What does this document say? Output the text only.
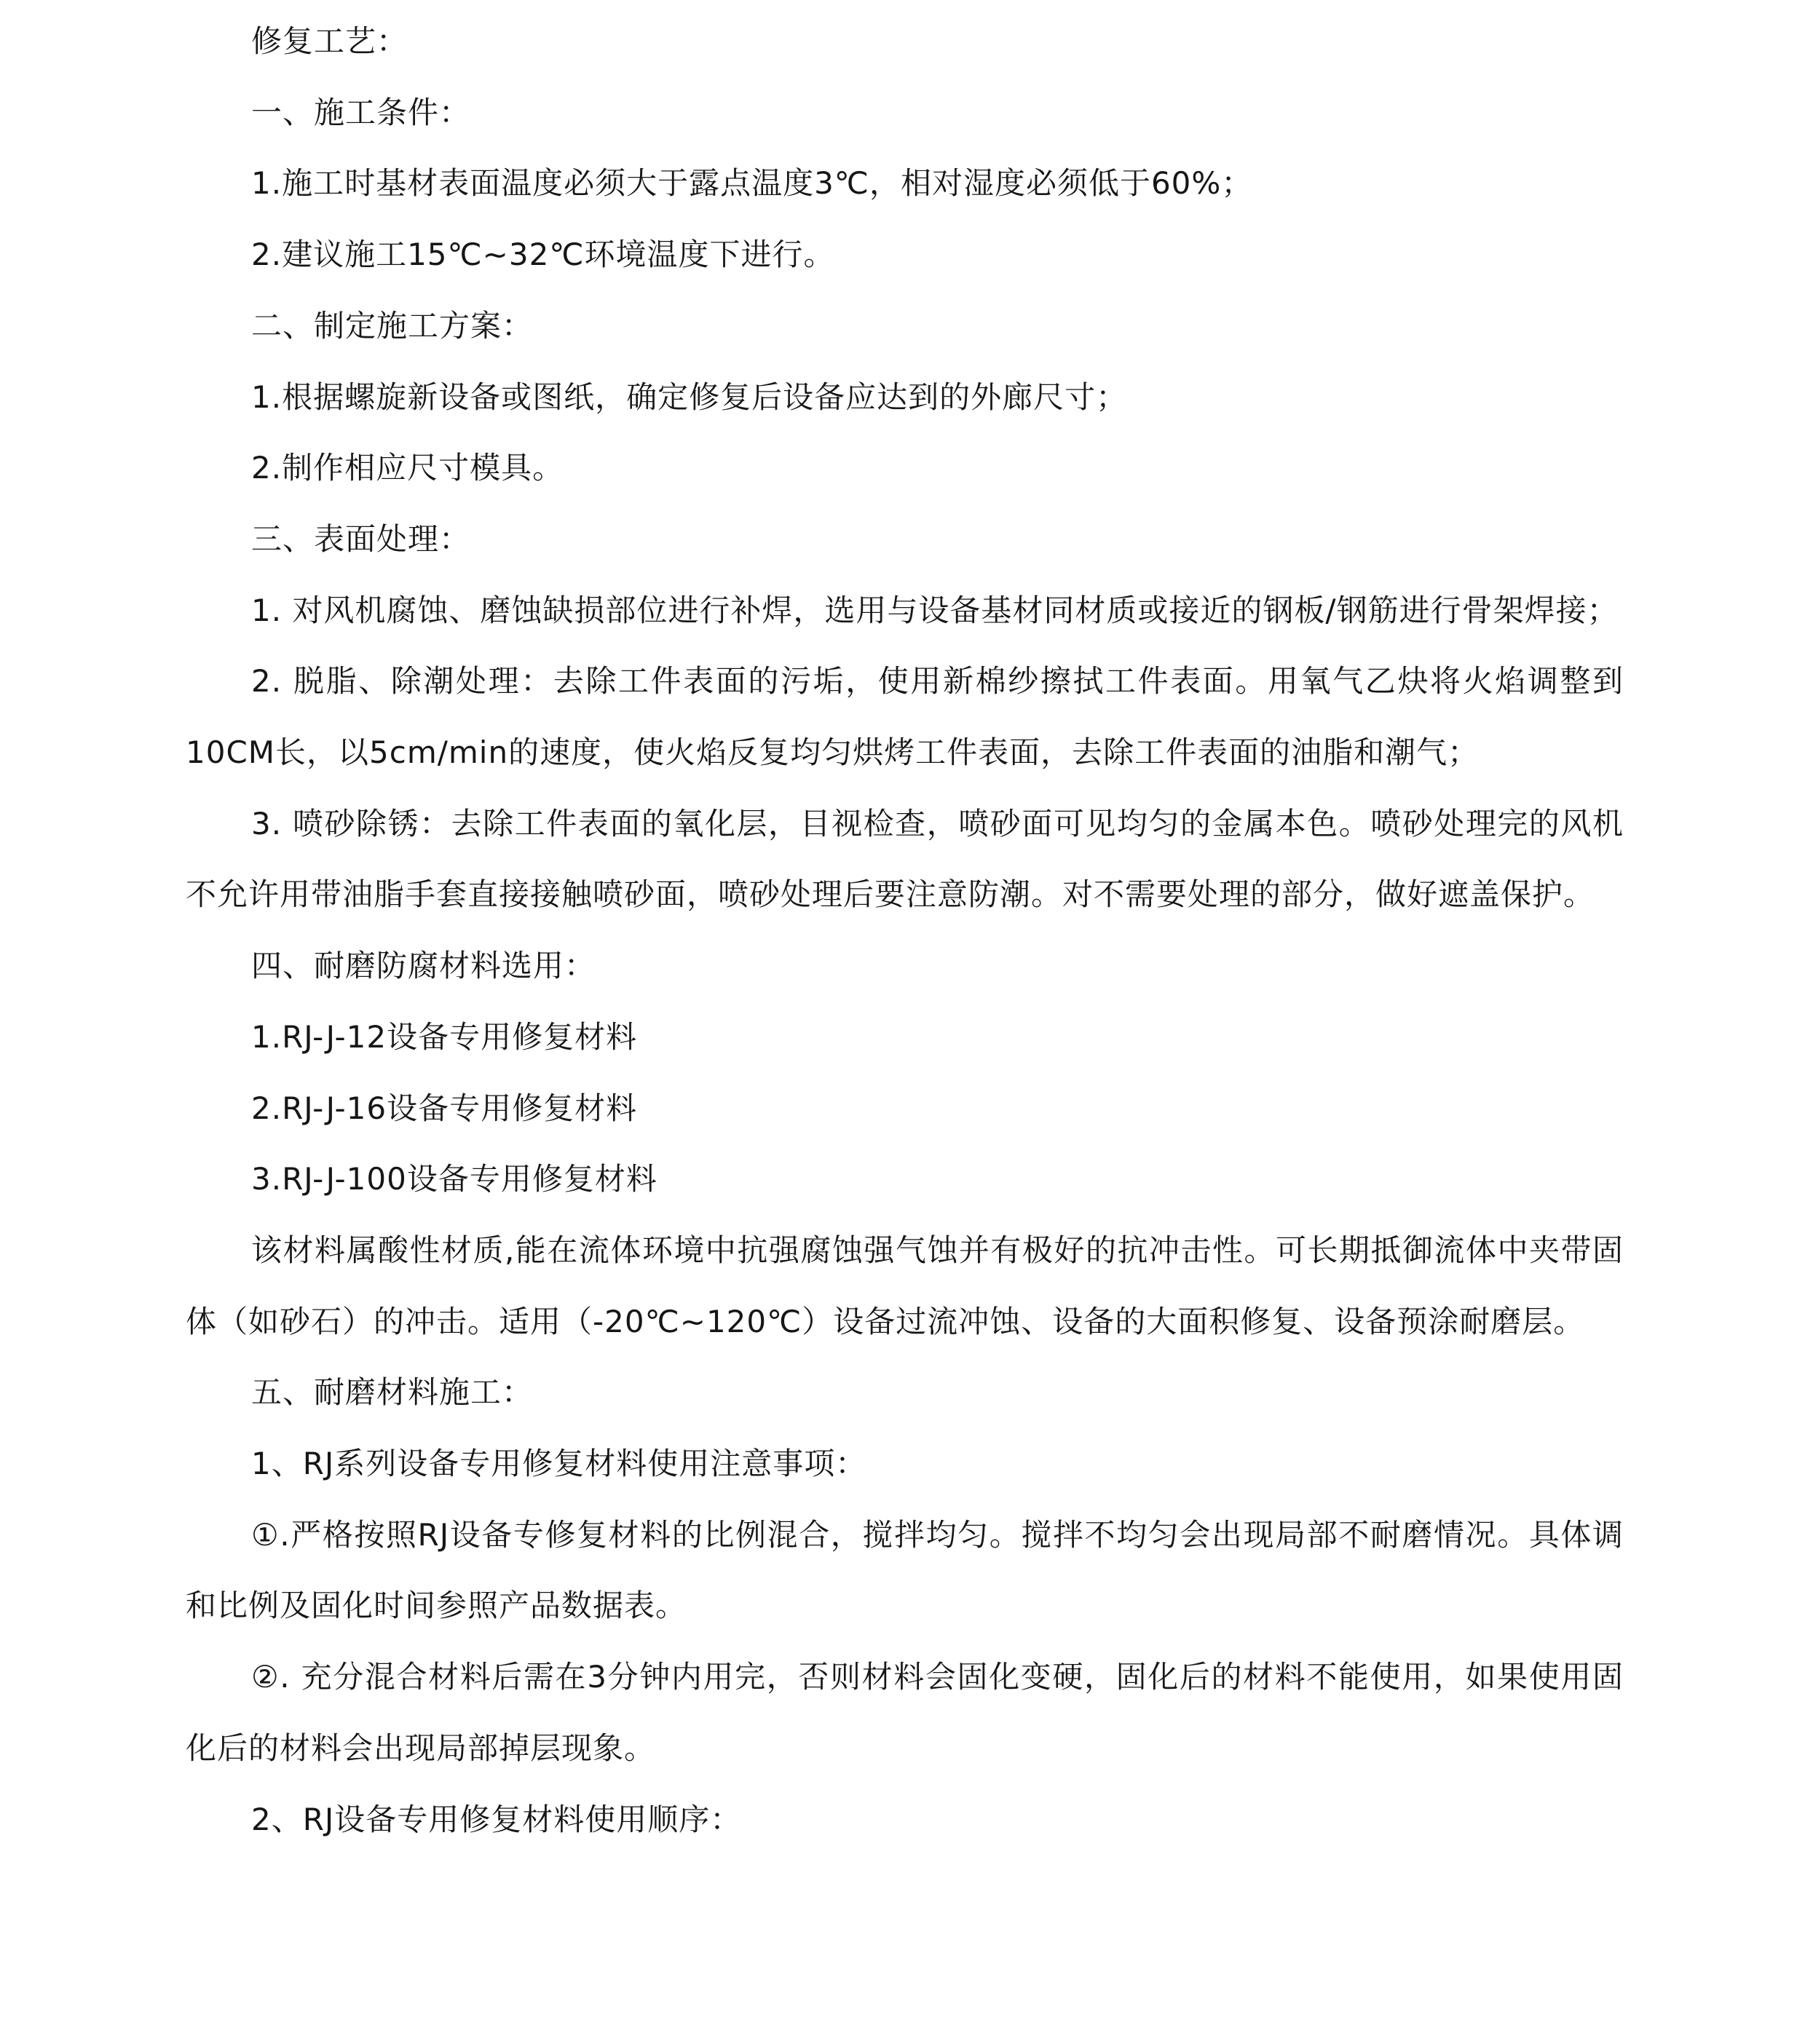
修复工艺：

一、施工条件：

1.施工时基材表面温度必须大于露点温度3℃，相对湿度必须低于60%；

2.建议施工15℃~32℃环境温度下进行。

二、制定施工方案：

1.根据螺旋新设备或图纸，确定修复后设备应达到的外廊尺寸；

2.制作相应尺寸模具。

三、表面处理：

1. 对风机腐蚀、磨蚀缺损部位进行补焊，选用与设备基材同材质或接近的钢板/钢筋进行骨架焊接；

2. 脱脂、除潮处理：去除工件表面的污垢，使用新棉纱擦拭工件表面。用氧气乙炔将火焰调整到10CM长，以5cm/min的速度，使火焰反复均匀烘烤工件表面，去除工件表面的油脂和潮气；

3. 喷砂除锈：去除工件表面的氧化层，目视检查，喷砂面可见均匀的金属本色。喷砂处理完的风机不允许用带油脂手套直接接触喷砂面，喷砂处理后要注意防潮。对不需要处理的部分，做好遮盖保护。

四、耐磨防腐材料选用：

1.RJ-J-12设备专用修复材料

2.RJ-J-16设备专用修复材料

3.RJ-J-100设备专用修复材料

该材料属酸性材质,能在流体环境中抗强腐蚀强气蚀并有极好的抗冲击性。可长期抵御流体中夹带固体（如砂石）的冲击。适用（-20℃~120℃）设备过流冲蚀、设备的大面积修复、设备预涂耐磨层。

五、耐磨材料施工：

1、RJ系列设备专用修复材料使用注意事项：

①.严格按照RJ设备专修复材料的比例混合，搅拌均匀。搅拌不均匀会出现局部不耐磨情况。具体调和比例及固化时间参照产品数据表。

②. 充分混合材料后需在3分钟内用完，否则材料会固化变硬，固化后的材料不能使用，如果使用固化后的材料会出现局部掉层现象。

2、RJ设备专用修复材料使用顺序：
